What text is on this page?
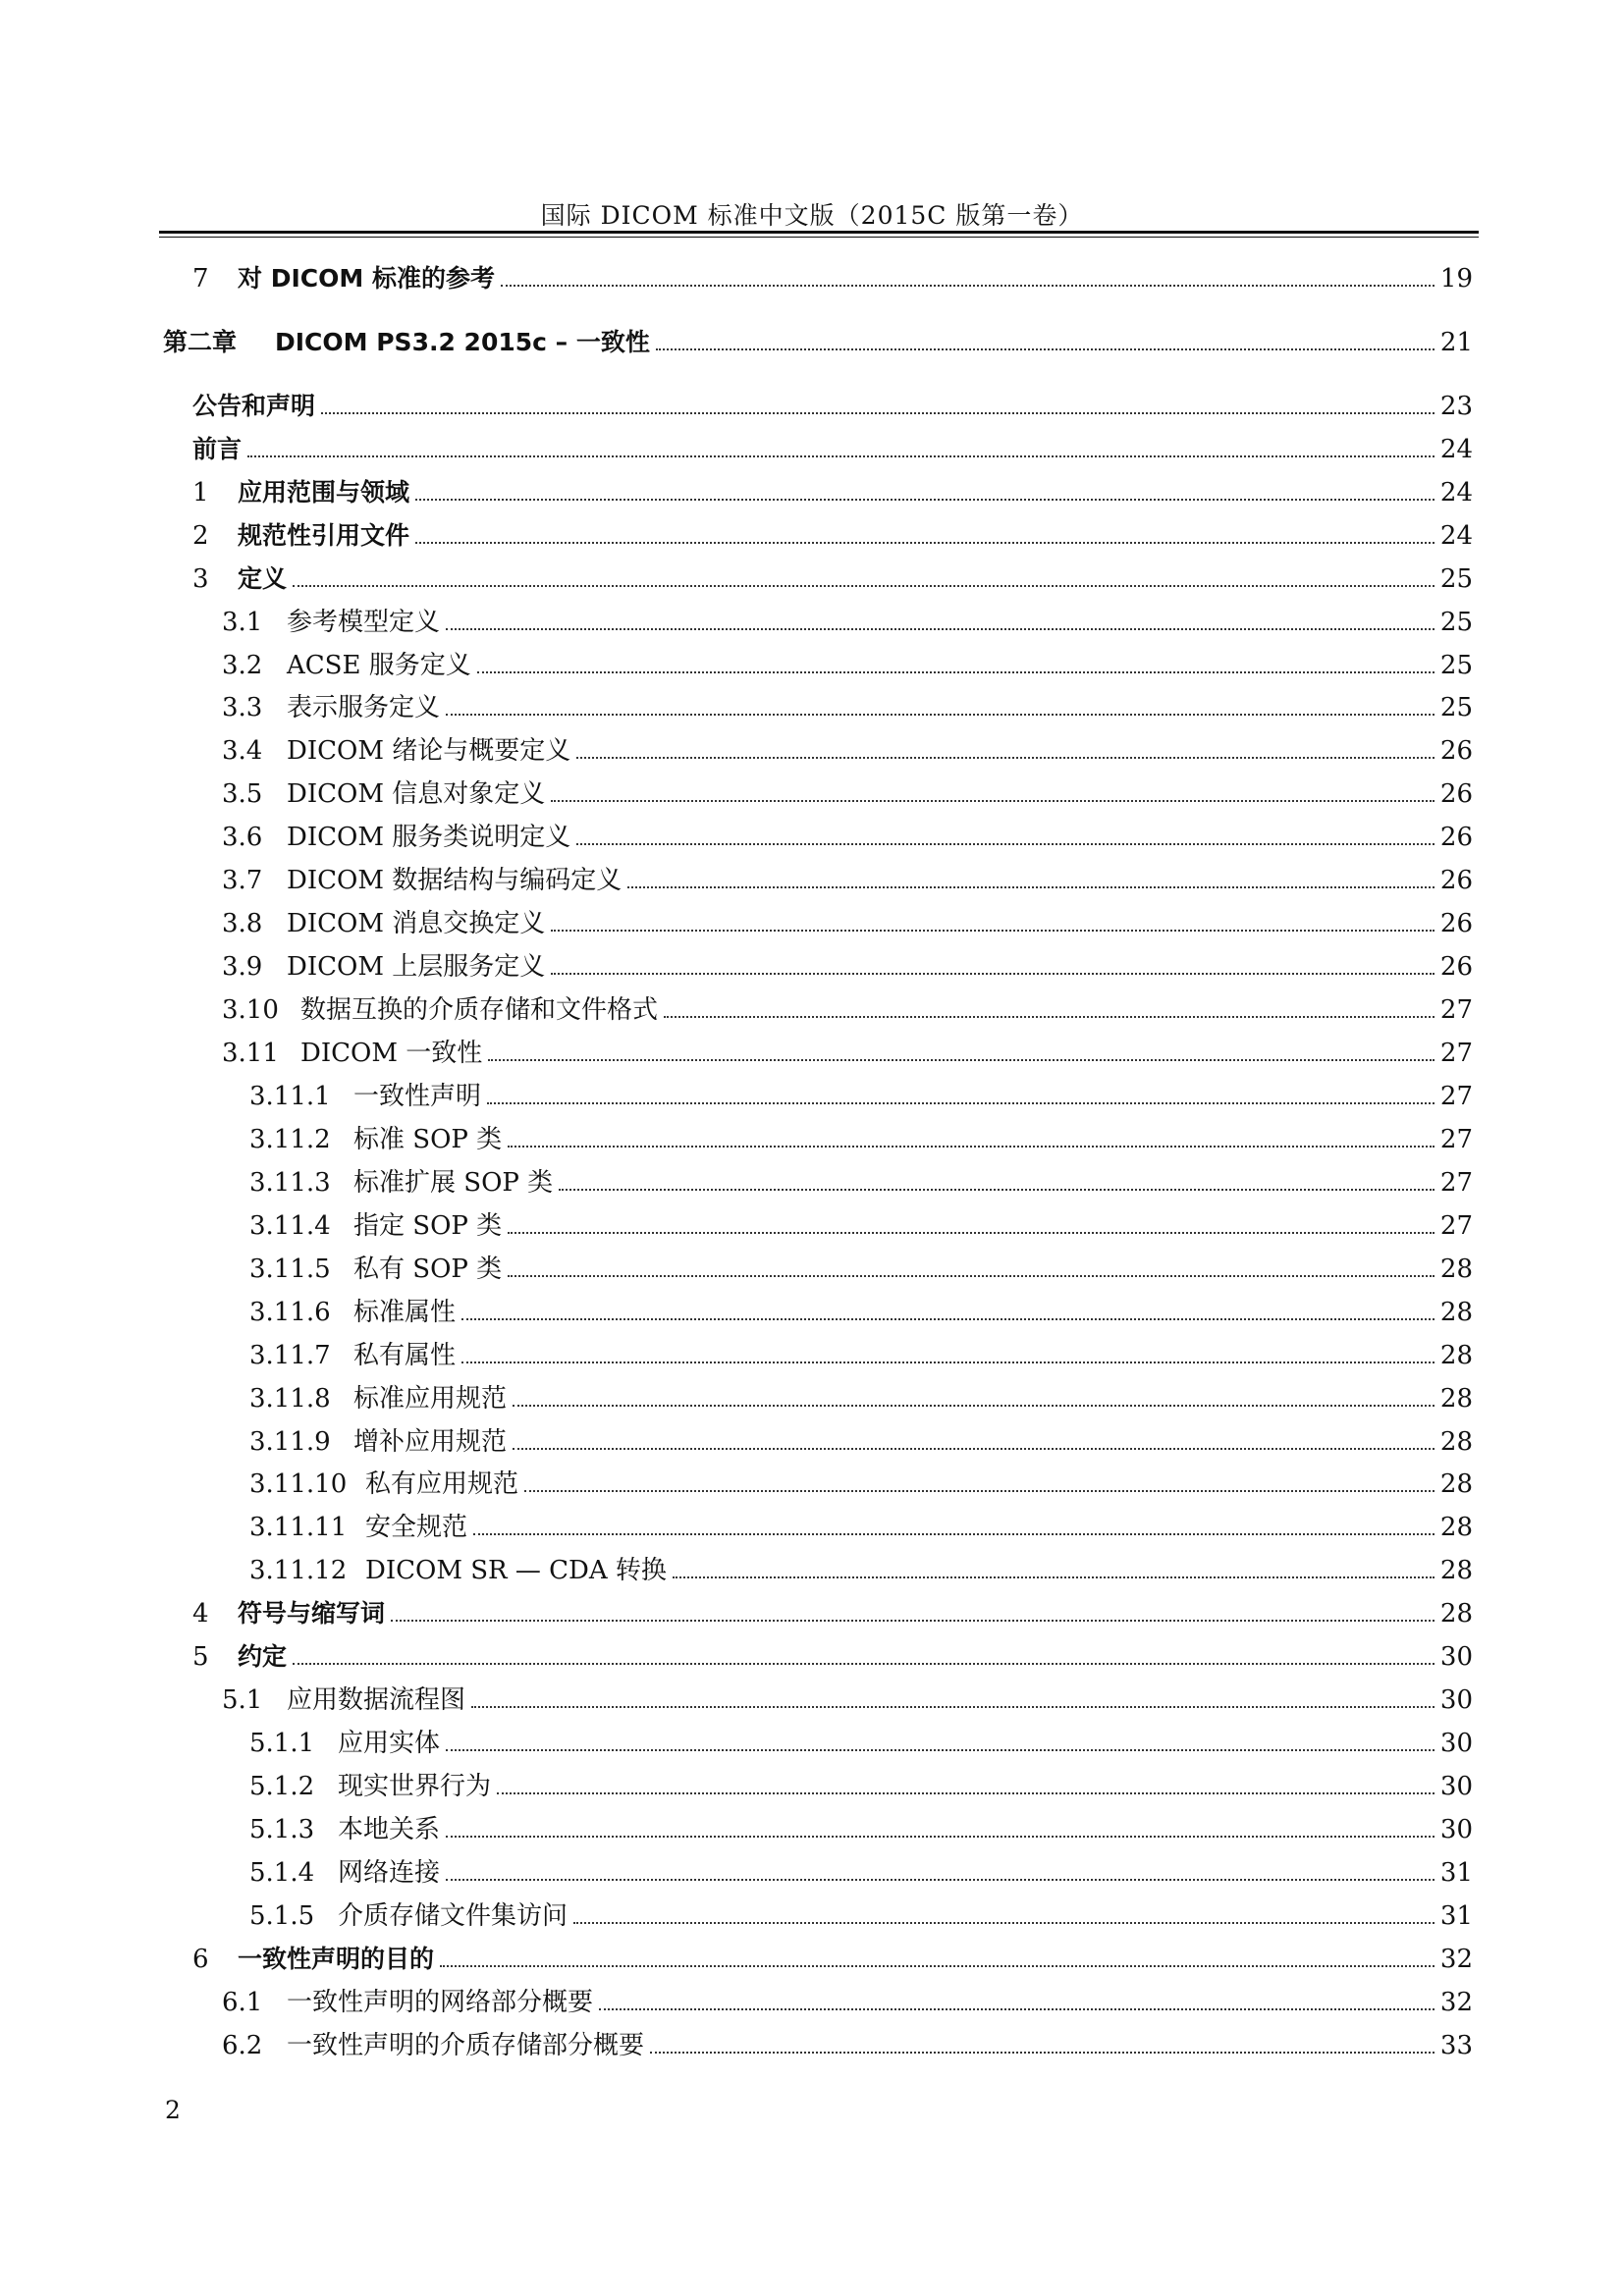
国际 DICOM 标准中文版（2015C 版第一卷）
7	对 DICOM 标准的参考	19
第二章	DICOM PS3.2 2015c – 一致性	21
公告和声明	23
前言	24
1	应用范围与领域	24
2	规范性引用文件	24
3	定义	25
3.1 参考模型定义	25
3.2 ACSE 服务定义	25
3.3 表示服务定义	25
3.4 DICOM 绪论与概要定义	26
3.5 DICOM 信息对象定义	26
3.6 DICOM 服务类说明定义	26
3.7 DICOM 数据结构与编码定义	26
3.8 DICOM 消息交换定义	26
3.9 DICOM 上层服务定义	26
3.10 数据互换的介质存储和文件格式	27
3.11 DICOM 一致性	27
3.11.1 一致性声明	27
3.11.2 标准 SOP 类	27
3.11.3 标准扩展 SOP 类	27
3.11.4 指定 SOP 类	27
3.11.5 私有 SOP 类	28
3.11.6 标准属性	28
3.11.7 私有属性	28
3.11.8 标准应用规范	28
3.11.9 增补应用规范	28
3.11.10 私有应用规范	28
3.11.11 安全规范	28
3.11.12 DICOM SR — CDA 转换	28
4	符号与缩写词	28
5	约定	30
5.1 应用数据流程图	30
5.1.1 应用实体	30
5.1.2 现实世界行为	30
5.1.3 本地关系	30
5.1.4 网络连接	31
5.1.5 介质存储文件集访问	31
6	一致性声明的目的	32
6.1 一致性声明的网络部分概要	32
6.2 一致性声明的介质存储部分概要	33
2
